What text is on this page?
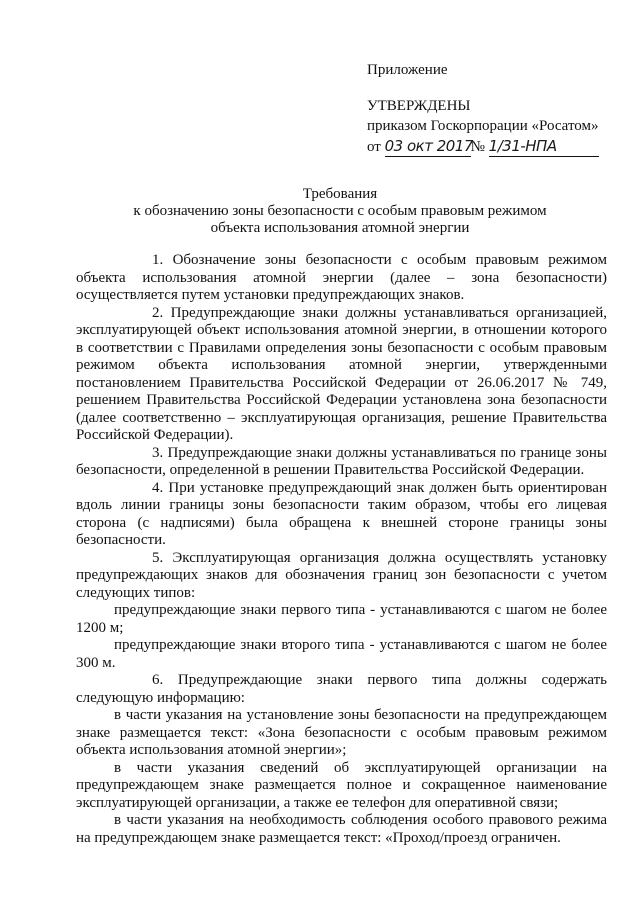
Приложение
УТВЕРЖДЕНЫ
приказом Госкорпорации «Росатом»
от 03 окт 2017№ 1/31-НПА
Требования
к обозначению зоны безопасности с особым правовым режимом
объекта использования атомной энергии

1. Обозначение зоны безопасности с особым правовым режимом объекта использования атомной энергии (далее – зона безопасности) осуществляется путем установки предупреждающих знаков.

2. Предупреждающие знаки должны устанавливаться организацией, эксплуатирующей объект использования атомной энергии, в отношении которого в соответствии с Правилами определения зоны безопасности с особым правовым режимом объекта использования атомной энергии, утвержденными постановлением Правительства Российской Федерации от 26.06.2017 № 749, решением Правительства Российской Федерации установлена зона безопасности (далее соответственно – эксплуатирующая организация, решение Правительства Российской Федерации).

3. Предупреждающие знаки должны устанавливаться по границе зоны безопасности, определенной в решении Правительства Российской Федерации.

4. При установке предупреждающий знак должен быть ориентирован вдоль линии границы зоны безопасности таким образом, чтобы его лицевая сторона (с надписями) была обращена к внешней стороне границы зоны безопасности.

5. Эксплуатирующая организация должна осуществлять установку предупреждающих знаков для обозначения границ зон безопасности с учетом следующих типов:

предупреждающие знаки первого типа - устанавливаются с шагом не более 1200 м;

предупреждающие знаки второго типа - устанавливаются с шагом не более 300 м.

6. Предупреждающие знаки первого типа должны содержать следующую информацию:

в части указания на установление зоны безопасности на предупреждающем знаке размещается текст: «Зона безопасности с особым правовым режимом объекта использования атомной энергии»;

в части указания сведений об эксплуатирующей организации на предупреждающем знаке размещается полное и сокращенное наименование эксплуатирующей организации, а также ее телефон для оперативной связи;

в части указания на необходимость соблюдения особого правового режима на предупреждающем знаке размещается текст: «Проход/проезд ограничен.
